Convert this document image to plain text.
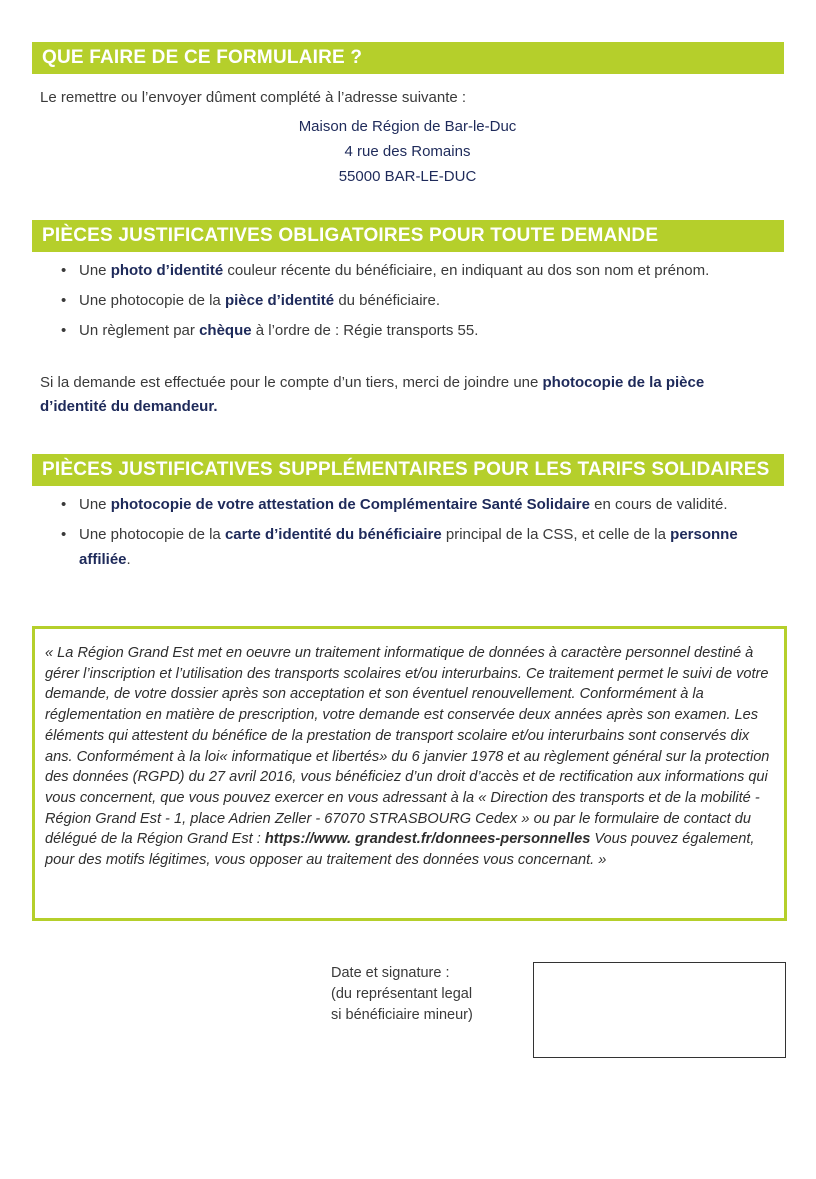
QUE FAIRE DE CE FORMULAIRE ?
Le remettre ou l’envoyer dûment complété à l’adresse suivante :
Maison de Région de Bar-le-Duc
4 rue des Romains
55000 BAR-LE-DUC
PIÈCES JUSTIFICATIVES OBLIGATOIRES POUR TOUTE DEMANDE
• Une photo d’identité couleur récente du bénéficiaire, en indiquant au dos son nom et prénom.
• Une photocopie de la pièce d’identité du bénéficiaire.
• Un règlement par chèque à l’ordre de : Régie transports 55.
Si la demande est effectuée pour le compte d’un tiers, merci de joindre une photocopie de la pièce d’identité du demandeur.
PIÈCES JUSTIFICATIVES SUPPLÉMENTAIRES POUR LES TARIFS SOLIDAIRES
• Une photocopie de votre attestation de Complémentaire Santé Solidaire en cours de validité.
• Une photocopie de la carte d’identité du bénéficiaire principal de la CSS, et celle de la personne affiliée.
« La Région Grand Est met en oeuvre un traitement informatique de données à caractère personnel destiné à gérer l’inscription et l’utilisation des transports scolaires et/ou interurbains. Ce traitement permet le suivi de votre demande, de votre dossier après son acceptation et son éventuel renouvellement. Conformément à la réglementation en matière de prescription, votre demande est conservée deux années après son examen. Les éléments qui attestent du bénéfice de la prestation de transport scolaire et/ou interurbains sont conservés dix ans. Conformément à la loi« informatique et libertés» du 6 janvier 1978 et au règlement général sur la protection des données (RGPD) du 27 avril 2016, vous bénéficiez d’un droit d’accès et de rectification aux informations qui vous concernent, que vous pouvez exercer en vous adressant à la « Direction des transports et de la mobilité - Région Grand Est - 1, place Adrien Zeller - 67070 STRASBOURG Cedex » ou par le formulaire de contact du délégué de la Région Grand Est : https://www. grandest.fr/donnees-personnelles Vous pouvez également, pour des motifs légitimes, vous opposer au traitement des données vous concernant. »
Date et signature :
(du représentant legal
si bénéficiaire mineur)
